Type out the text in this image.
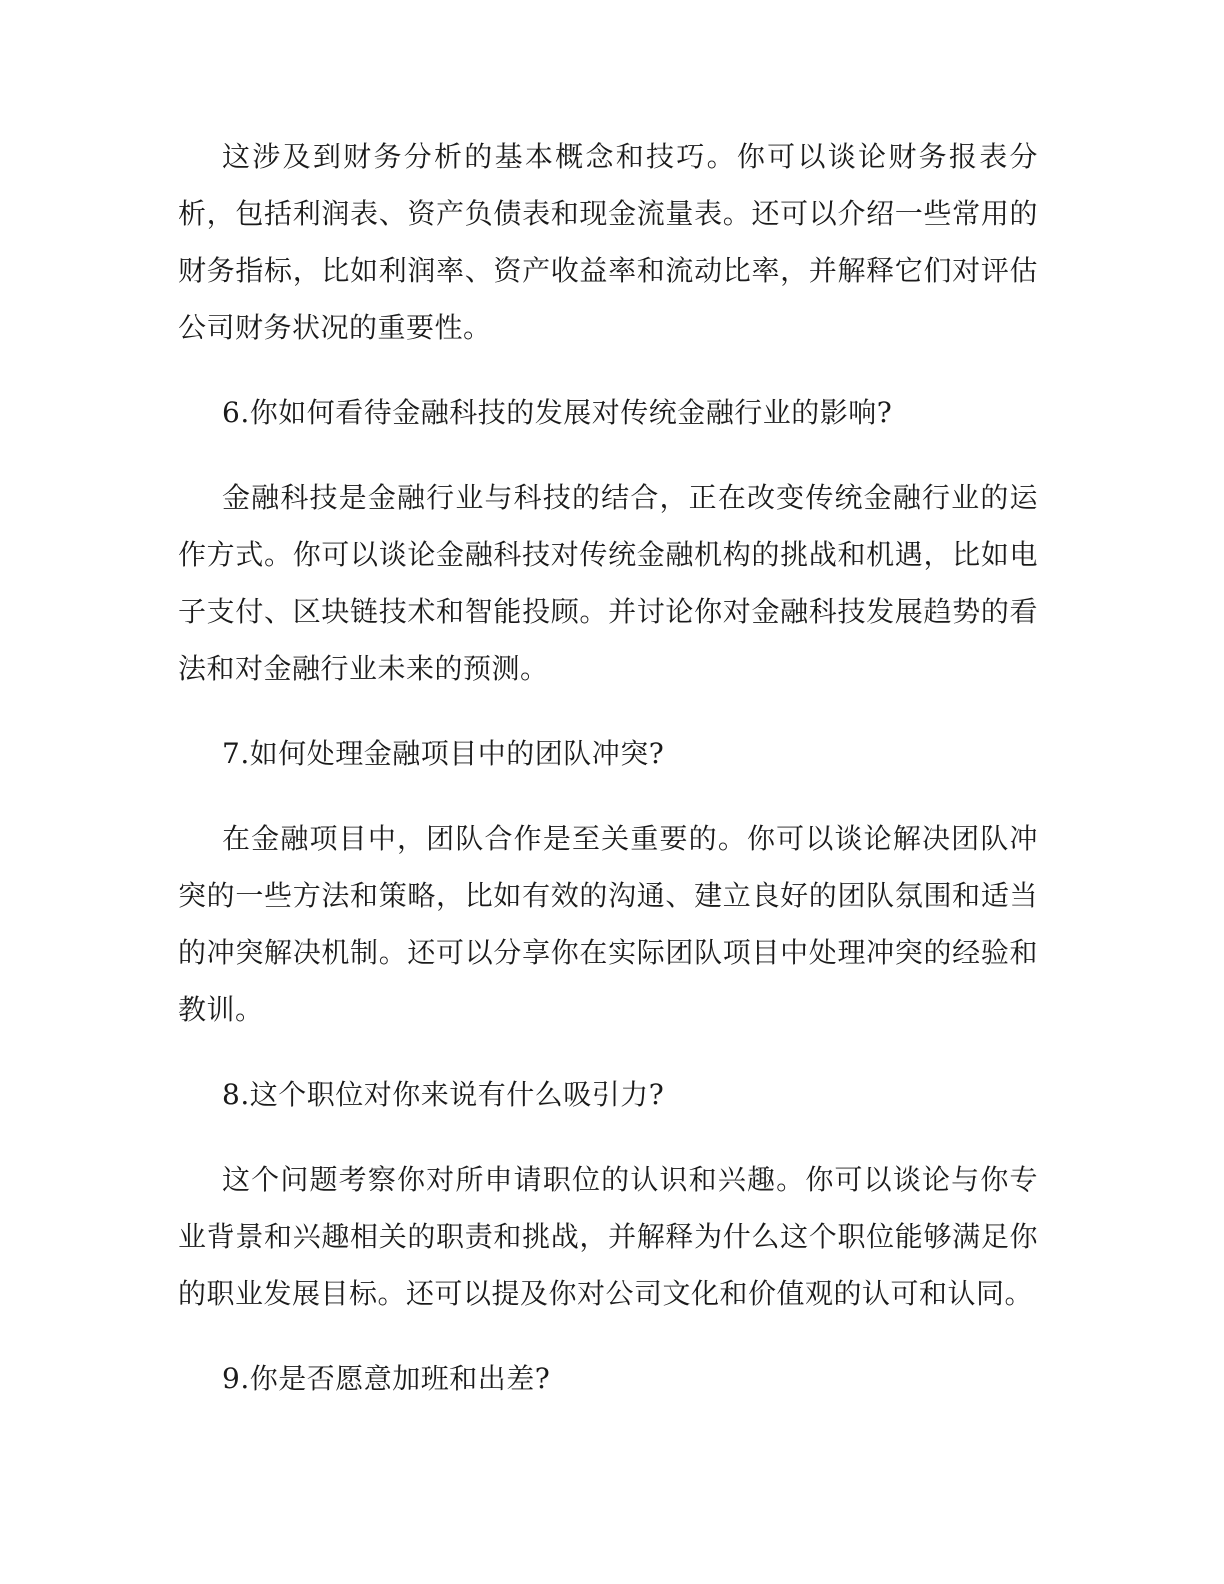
这涉及到财务分析的基本概念和技巧。你可以谈论财务报表分析，包括利润表、资产负债表和现金流量表。还可以介绍一些常用的财务指标，比如利润率、资产收益率和流动比率，并解释它们对评估公司财务状况的重要性。

6.你如何看待金融科技的发展对传统金融行业的影响?

金融科技是金融行业与科技的结合，正在改变传统金融行业的运作方式。你可以谈论金融科技对传统金融机构的挑战和机遇，比如电子支付、区块链技术和智能投顾。并讨论你对金融科技发展趋势的看法和对金融行业未来的预测。

7.如何处理金融项目中的团队冲突?

在金融项目中，团队合作是至关重要的。你可以谈论解决团队冲突的一些方法和策略，比如有效的沟通、建立良好的团队氛围和适当的冲突解决机制。还可以分享你在实际团队项目中处理冲突的经验和教训。

8.这个职位对你来说有什么吸引力?

这个问题考察你对所申请职位的认识和兴趣。你可以谈论与你专业背景和兴趣相关的职责和挑战，并解释为什么这个职位能够满足你的职业发展目标。还可以提及你对公司文化和价值观的认可和认同。

9.你是否愿意加班和出差?
